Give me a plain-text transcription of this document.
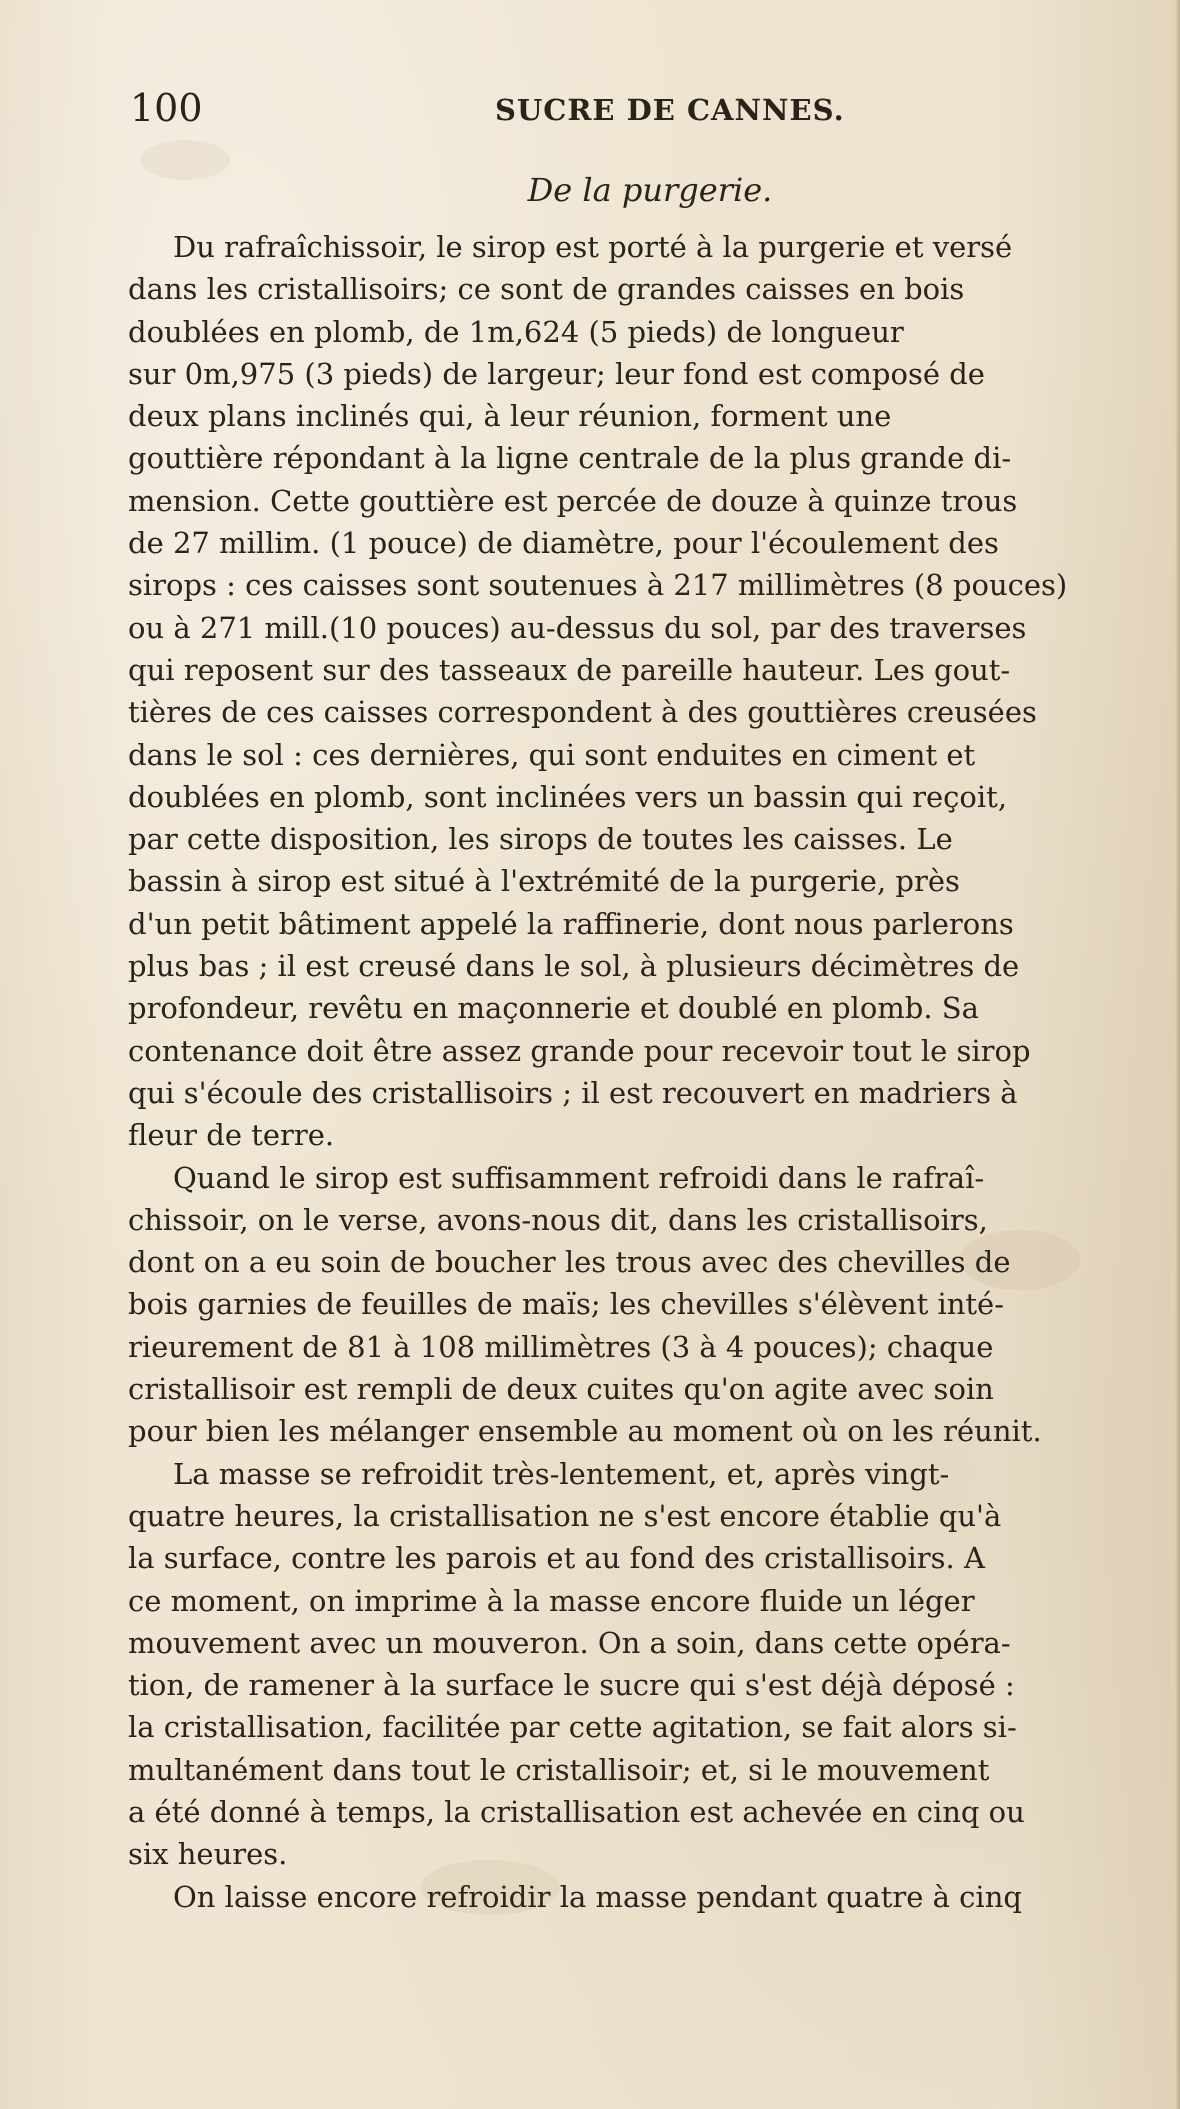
100	SUCRE DE CANNES.
De la purgerie.
Du rafraîchissoir, le sirop est porté à la purgerie et versé
dans les cristallisoirs; ce sont de grandes caisses en bois
doublées en plomb, de 1m,624 (5 pieds) de longueur
sur 0m,975 (3 pieds) de largeur; leur fond est composé de
deux plans inclinés qui, à leur réunion, forment une
gouttière répondant à la ligne centrale de la plus grande di-
mension. Cette gouttière est percée de douze à quinze trous
de 27 millim. (1 pouce) de diamètre, pour l'écoulement des
sirops : ces caisses sont soutenues à 217 millimètres (8 pouces)
ou à 271 mill.(10 pouces) au-dessus du sol, par des traverses
qui reposent sur des tasseaux de pareille hauteur. Les gout-
tières de ces caisses correspondent à des gouttières creusées
dans le sol : ces dernières, qui sont enduites en ciment et
doublées en plomb, sont inclinées vers un bassin qui reçoit,
par cette disposition, les sirops de toutes les caisses. Le
bassin à sirop est situé à l'extrémité de la purgerie, près
d'un petit bâtiment appelé la raffinerie, dont nous parlerons
plus bas ; il est creusé dans le sol, à plusieurs décimètres de
profondeur, revêtu en maçonnerie et doublé en plomb. Sa
contenance doit être assez grande pour recevoir tout le sirop
qui s'écoule des cristallisoirs ; il est recouvert en madriers à
fleur de terre.
Quand le sirop est suffisamment refroidi dans le rafraî-
chissoir, on le verse, avons-nous dit, dans les cristallisoirs,
dont on a eu soin de boucher les trous avec des chevilles de
bois garnies de feuilles de maïs; les chevilles s'élèvent inté-
rieurement de 81 à 108 millimètres (3 à 4 pouces); chaque
cristallisoir est rempli de deux cuites qu'on agite avec soin
pour bien les mélanger ensemble au moment où on les réunit.
La masse se refroidit très-lentement, et, après vingt-
quatre heures, la cristallisation ne s'est encore établie qu'à
la surface, contre les parois et au fond des cristallisoirs. A
ce moment, on imprime à la masse encore fluide un léger
mouvement avec un mouveron. On a soin, dans cette opéra-
tion, de ramener à la surface le sucre qui s'est déjà déposé :
la cristallisation, facilitée par cette agitation, se fait alors si-
multanément dans tout le cristallisoir; et, si le mouvement
a été donné à temps, la cristallisation est achevée en cinq ou
six heures.
On laisse encore refroidir la masse pendant quatre à cinq
